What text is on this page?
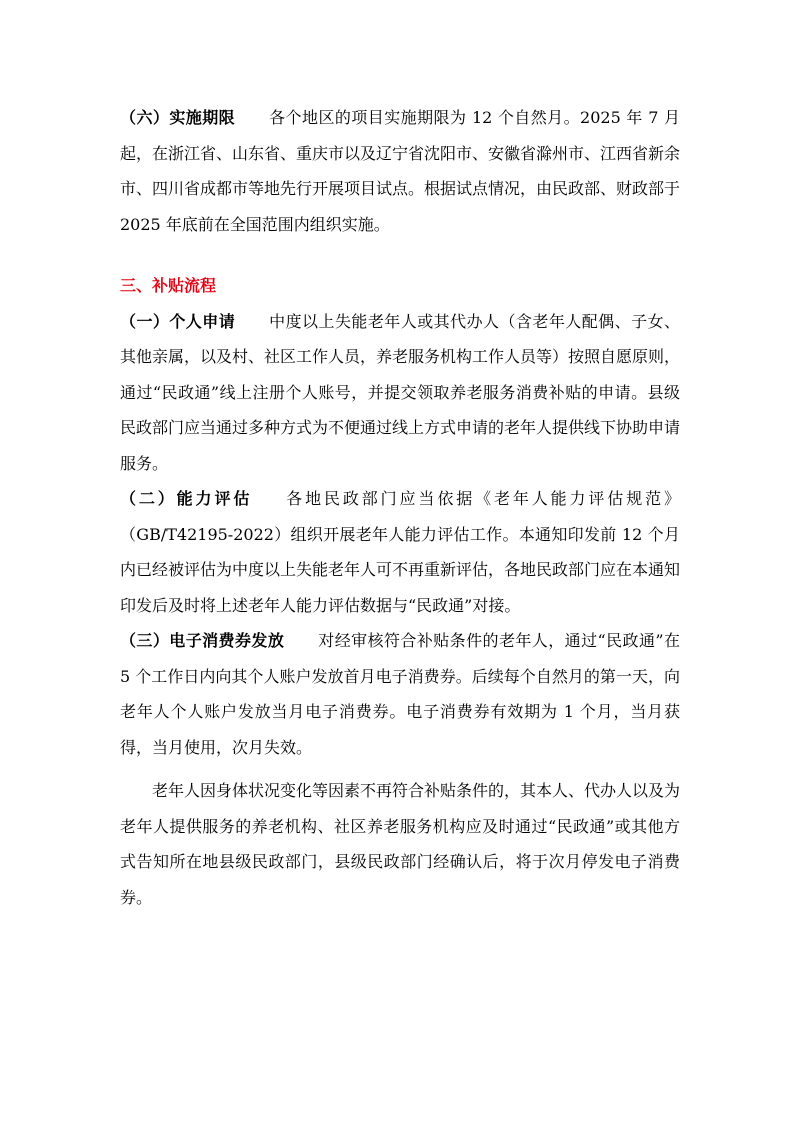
（六）实施期限 各个地区的项目实施期限为 12 个自然月。2025 年 7 月起，在浙江省、山东省、重庆市以及辽宁省沈阳市、安徽省滁州市、江西省新余市、四川省成都市等地先行开展项目试点。根据试点情况，由民政部、财政部于 2025 年底前在全国范围内组织实施。

三、补贴流程

（一）个人申请 中度以上失能老年人或其代办人（含老年人配偶、子女、其他亲属，以及村、社区工作人员，养老服务机构工作人员等）按照自愿原则，通过“民政通”线上注册个人账号，并提交领取养老服务消费补贴的申请。县级民政部门应当通过多种方式为不便通过线上方式申请的老年人提供线下协助申请服务。

（二）能力评估 各地民政部门应当依据《老年人能力评估规范》（GB/T42195-2022）组织开展老年人能力评估工作。本通知印发前 12 个月内已经被评估为中度以上失能老年人可不再重新评估，各地民政部门应在本通知印发后及时将上述老年人能力评估数据与“民政通”对接。

（三）电子消费券发放 对经审核符合补贴条件的老年人，通过“民政通”在 5 个工作日内向其个人账户发放首月电子消费券。后续每个自然月的第一天，向老年人个人账户发放当月电子消费券。电子消费券有效期为 1 个月，当月获得，当月使用，次月失效。

老年人因身体状况变化等因素不再符合补贴条件的，其本人、代办人以及为老年人提供服务的养老机构、社区养老服务机构应及时通过“民政通”或其他方式告知所在地县级民政部门，县级民政部门经确认后，将于次月停发电子消费券。
